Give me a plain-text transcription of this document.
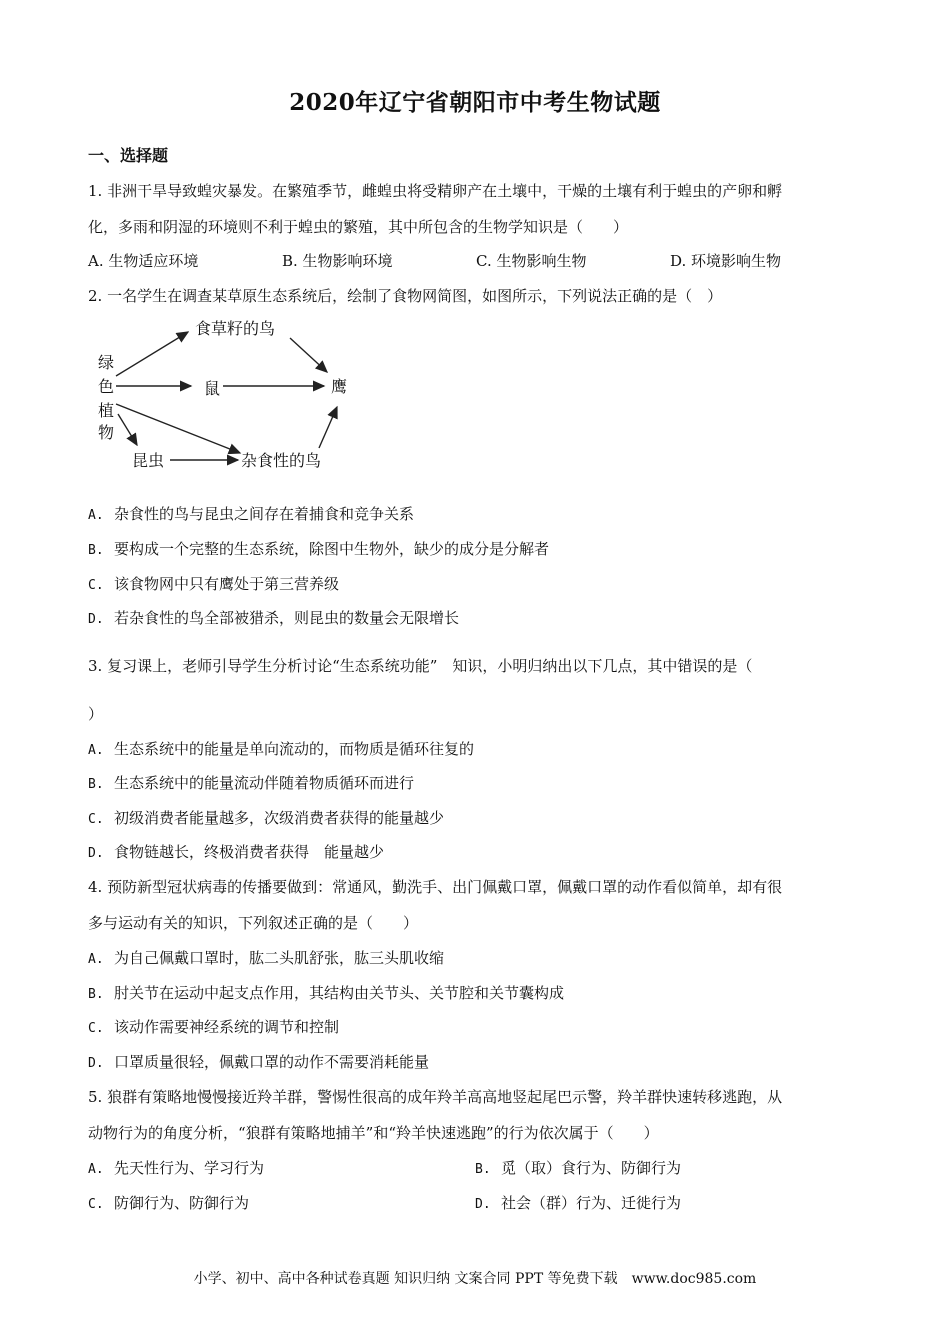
2020年辽宁省朝阳市中考生物试题
一、选择题
1. 非洲干旱导致蝗灾暴发。在繁殖季节，雌蝗虫将受精卵产在土壤中，干燥的土壤有利于蝗虫的产卵和孵
化，多雨和阴湿的环境则不利于蝗虫的繁殖，其中所包含的生物学知识是（　　）
A. 生物适应环境	B. 生物影响环境	C. 生物影响生物	D. 环境影响生物
2. 一名学生在调查某草原生态系统后，绘制了食物网简图，如图所示，下列说法正确的是（　）
绿
色
植
物
食草籽的鸟
鼠	鹰
昆虫	杂食性的鸟
A. 杂食性的鸟与昆虫之间存在着捕食和竞争关系
B. 要构成一个完整的生态系统，除图中生物外，缺少的成分是分解者
C. 该食物网中只有鹰处于第三营养级
D. 若杂食性的鸟全部被猎杀，则昆虫的数量会无限增长
3. 复习课上，老师引导学生分析讨论“生态系统功能”　知识，小明归纳出以下几点，其中错误的是（
）
A. 生态系统中的能量是单向流动的，而物质是循环往复的
B. 生态系统中的能量流动伴随着物质循环而进行
C. 初级消费者能量越多，次级消费者获得的能量越少
D. 食物链越长，终极消费者获得　能量越少
4. 预防新型冠状病毒的传播要做到：常通风，勤洗手、出门佩戴口罩，佩戴口罩的动作看似简单，却有很
多与运动有关的知识，下列叙述正确的是（　　）
A. 为自己佩戴口罩时，肱二头肌舒张，肱三头肌收缩
B. 肘关节在运动中起支点作用，其结构由关节头、关节腔和关节囊构成
C. 该动作需要神经系统的调节和控制
D. 口罩质量很轻，佩戴口罩的动作不需要消耗能量
5. 狼群有策略地慢慢接近羚羊群，警惕性很高的成年羚羊高高地竖起尾巴示警，羚羊群快速转移逃跑，从
动物行为的角度分析，“狼群有策略地捕羊”和“羚羊快速逃跑”的行为依次属于（　　）
A. 先天性行为、学习行为	B. 觅（取）食行为、防御行为
C. 防御行为、防御行为	D. 社会（群）行为、迁徙行为
小学、初中、高中各种试卷真题 知识归纳 文案合同 PPT 等免费下载　www.doc985.com
